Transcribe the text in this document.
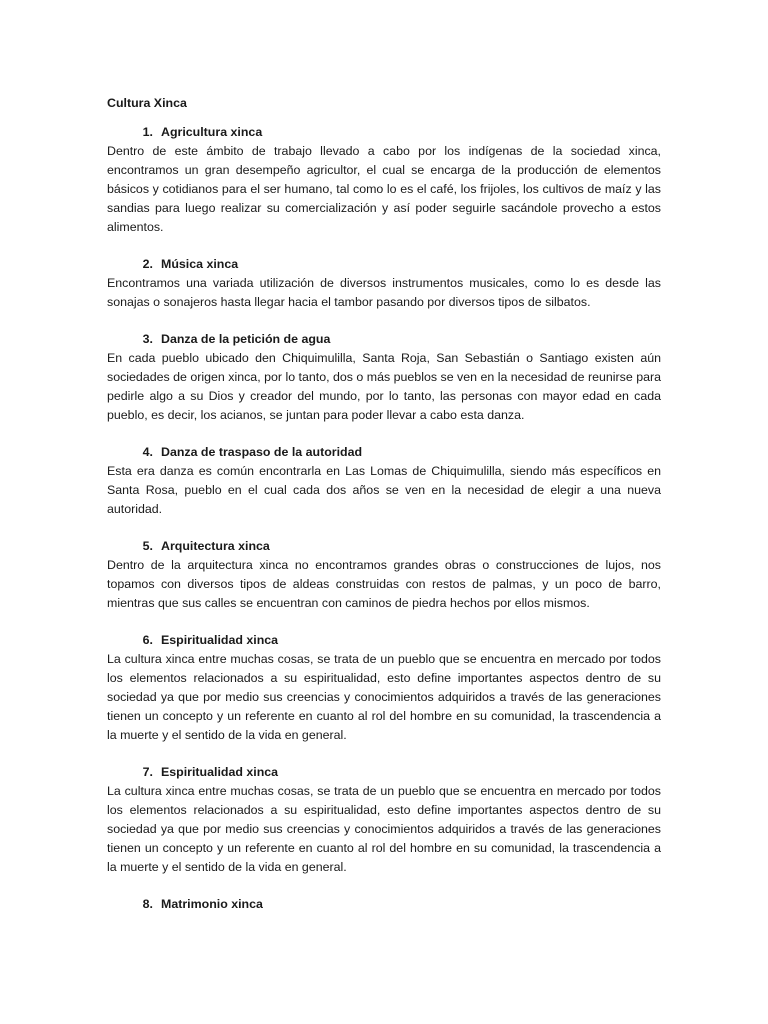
Cultura Xinca
1. Agricultura xinca

Dentro de este ámbito de trabajo llevado a cabo por los indígenas de la sociedad xinca, encontramos un gran desempeño agricultor, el cual se encarga de la producción de elementos básicos y cotidianos para el ser humano, tal como lo es el café, los frijoles, los cultivos de maíz y las sandias para luego realizar su comercialización y así poder seguirle sacándole provecho a estos alimentos.

2. Música xinca

Encontramos una variada utilización de diversos instrumentos musicales, como lo es desde las sonajas o sonajeros hasta llegar hacia el tambor pasando por diversos tipos de silbatos.

3. Danza de la petición de agua

En cada pueblo ubicado den Chiquimulilla, Santa Roja, San Sebastián o Santiago existen aún sociedades de origen xinca, por lo tanto, dos o más pueblos se ven en la necesidad de reunirse para pedirle algo a su Dios y creador del mundo, por lo tanto, las personas con mayor edad en cada pueblo, es decir, los acianos, se juntan para poder llevar a cabo esta danza.

4. Danza de traspaso de la autoridad

Esta era danza es común encontrarla en Las Lomas de Chiquimulilla, siendo más específicos en Santa Rosa, pueblo en el cual cada dos años se ven en la necesidad de elegir a una nueva autoridad.

5. Arquitectura xinca

Dentro de la arquitectura xinca no encontramos grandes obras o construcciones de lujos, nos topamos con diversos tipos de aldeas construidas con restos de palmas, y un poco de barro, mientras que sus calles se encuentran con caminos de piedra hechos por ellos mismos.

6. Espiritualidad xinca

La cultura xinca entre muchas cosas, se trata de un pueblo que se encuentra en mercado por todos los elementos relacionados a su espiritualidad, esto define importantes aspectos dentro de su sociedad ya que por medio sus creencias y conocimientos adquiridos a través de las generaciones tienen un concepto y un referente en cuanto al rol del hombre en su comunidad, la trascendencia a la muerte y el sentido de la vida en general.

7. Espiritualidad xinca

La cultura xinca entre muchas cosas, se trata de un pueblo que se encuentra en mercado por todos los elementos relacionados a su espiritualidad, esto define importantes aspectos dentro de su sociedad ya que por medio sus creencias y conocimientos adquiridos a través de las generaciones tienen un concepto y un referente en cuanto al rol del hombre en su comunidad, la trascendencia a la muerte y el sentido de la vida en general.

8. Matrimonio xinca
